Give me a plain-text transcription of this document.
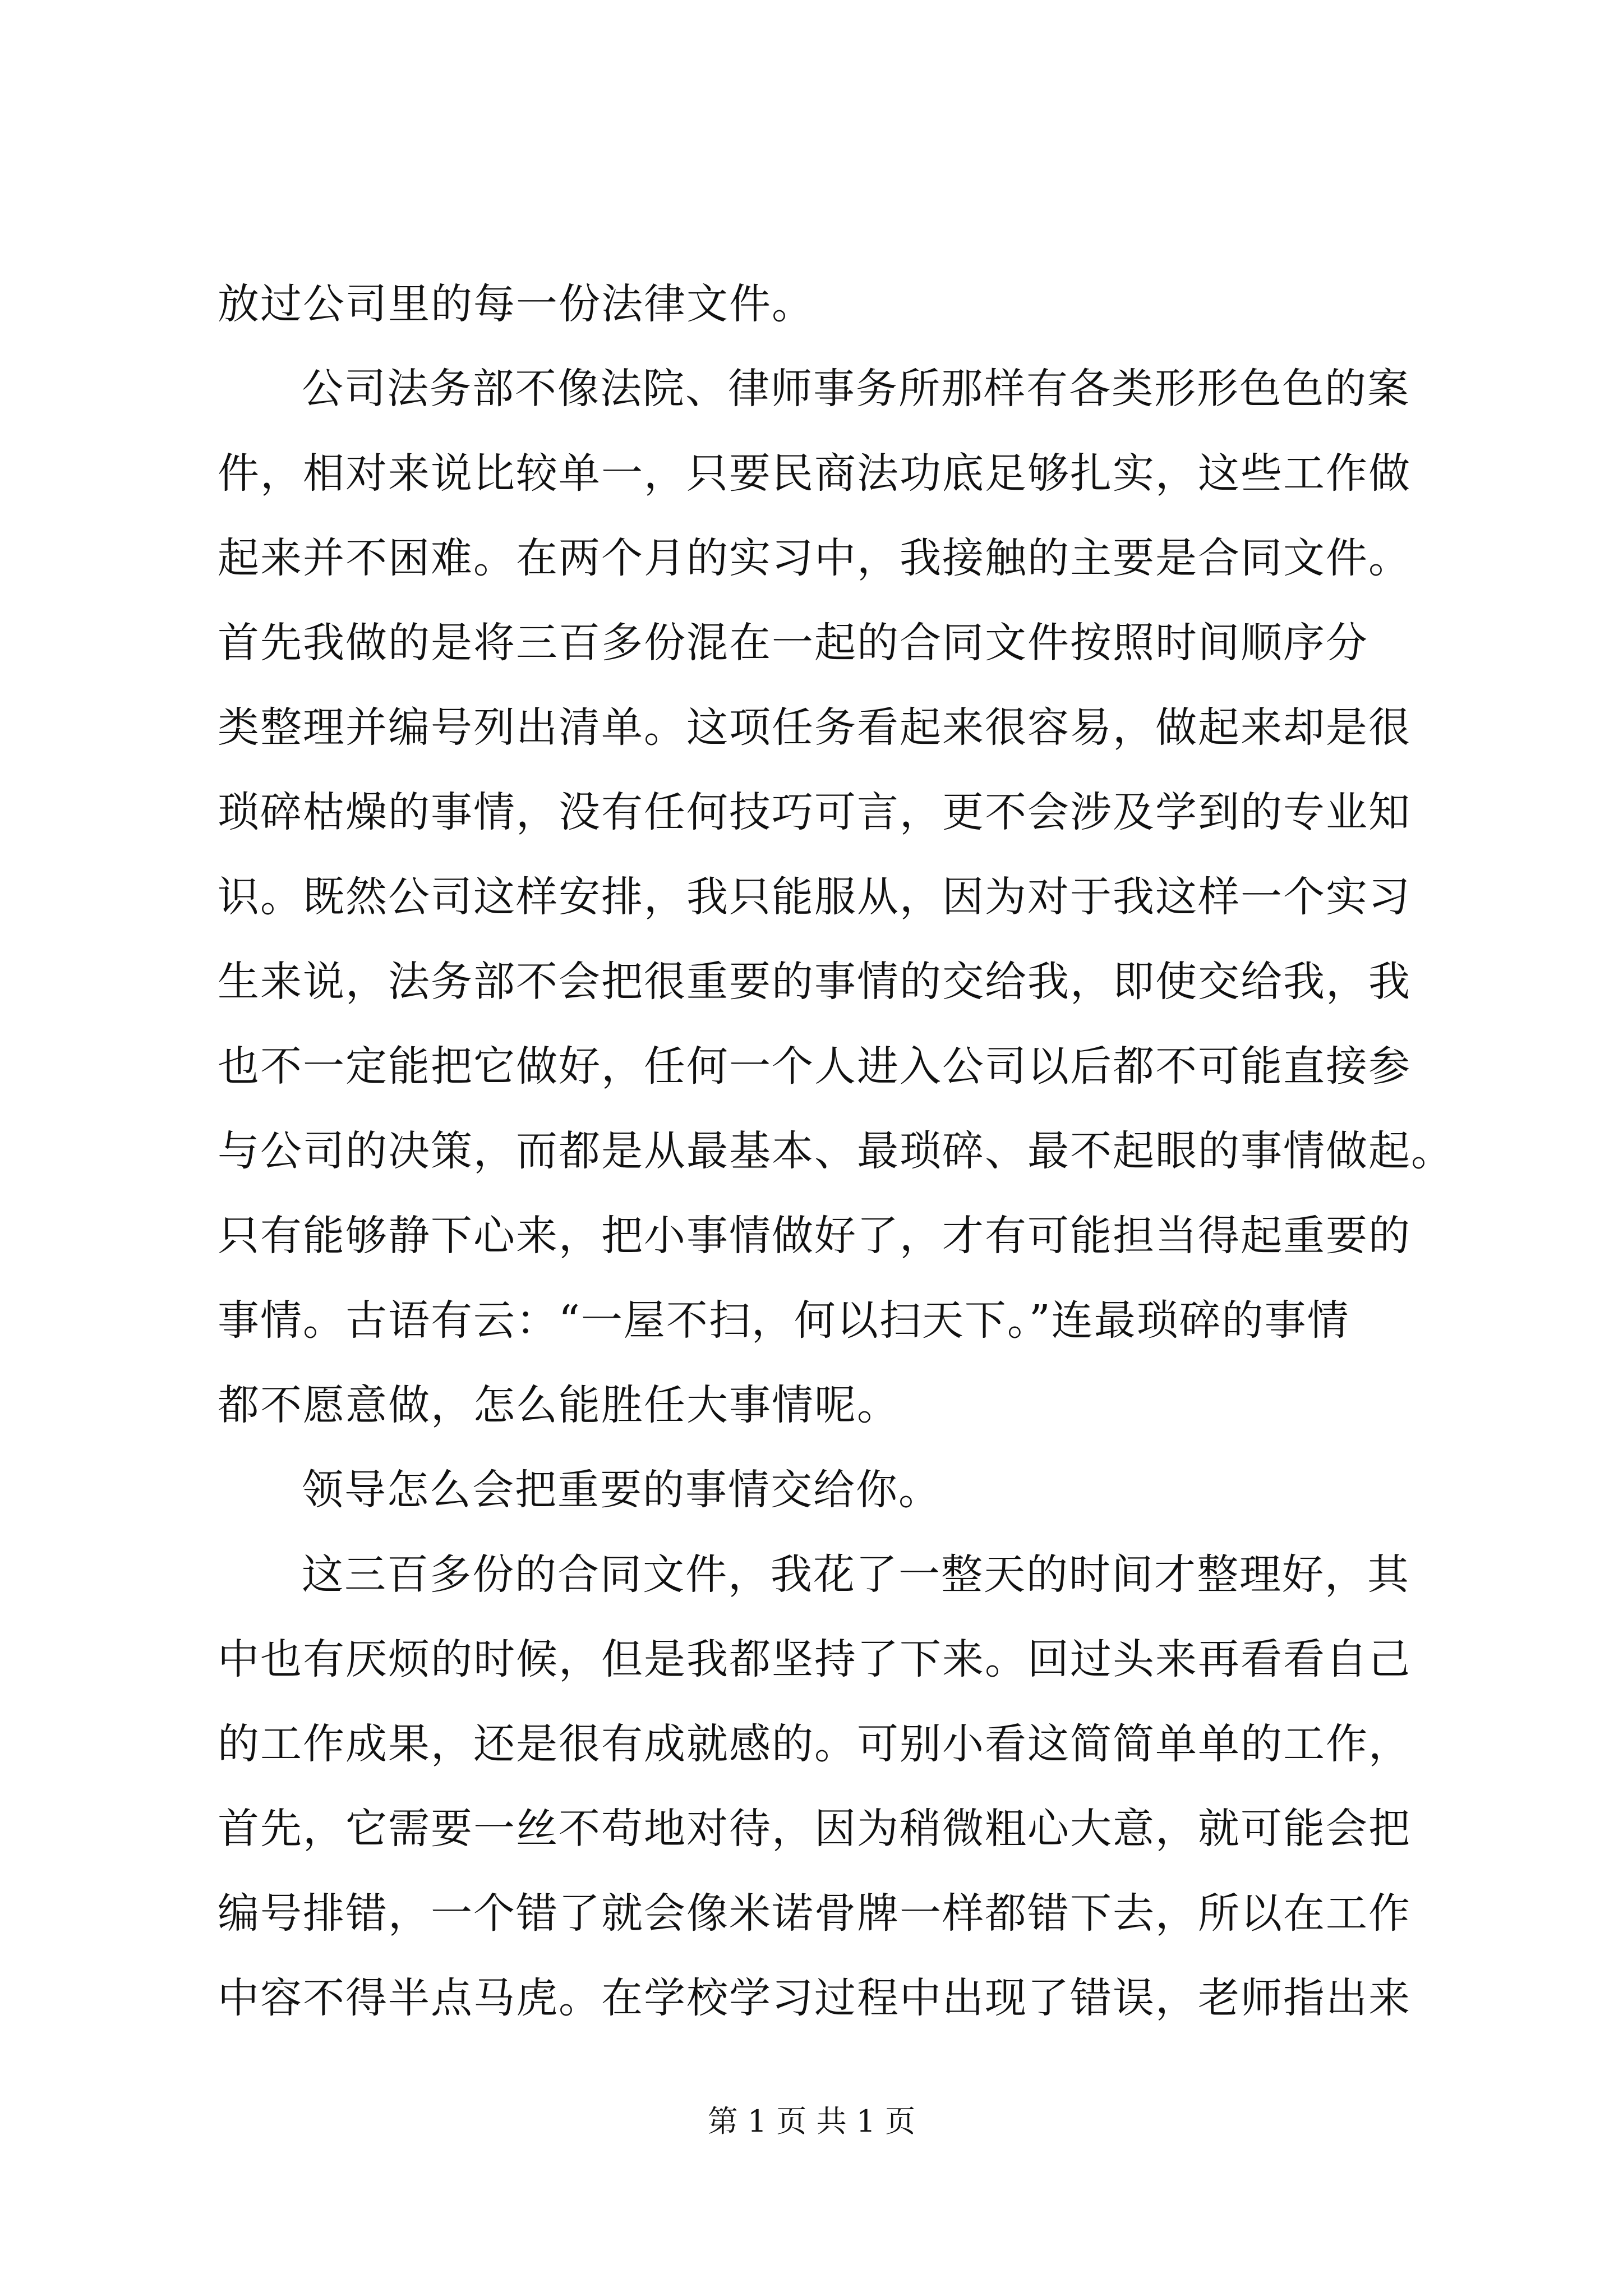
放过公司里的每一份法律文件。
公司法务部不像法院、律师事务所那样有各类形形色色的案
件，相对来说比较单一，只要民商法功底足够扎实，这些工作做
起来并不困难。在两个月的实习中，我接触的主要是合同文件。
首先我做的是将三百多份混在一起的合同文件按照时间顺序分
类整理并编号列出清单。这项任务看起来很容易，做起来却是很
琐碎枯燥的事情，没有任何技巧可言，更不会涉及学到的专业知
识。既然公司这样安排，我只能服从，因为对于我这样一个实习
生来说，法务部不会把很重要的事情的交给我，即使交给我，我
也不一定能把它做好，任何一个人进入公司以后都不可能直接参
与公司的决策，而都是从最基本、最琐碎、最不起眼的事情做起。
只有能够静下心来，把小事情做好了，才有可能担当得起重要的
事情。古语有云：“一屋不扫，何以扫天下。”连最琐碎的事情
都不愿意做，怎么能胜任大事情呢。
领导怎么会把重要的事情交给你。
这三百多份的合同文件，我花了一整天的时间才整理好，其
中也有厌烦的时候，但是我都坚持了下来。回过头来再看看自己
的工作成果，还是很有成就感的。可别小看这简简单单的工作，
首先，它需要一丝不苟地对待，因为稍微粗心大意，就可能会把
编号排错，一个错了就会像米诺骨牌一样都错下去，所以在工作
中容不得半点马虎。在学校学习过程中出现了错误，老师指出来
第 1 页 共 1 页
